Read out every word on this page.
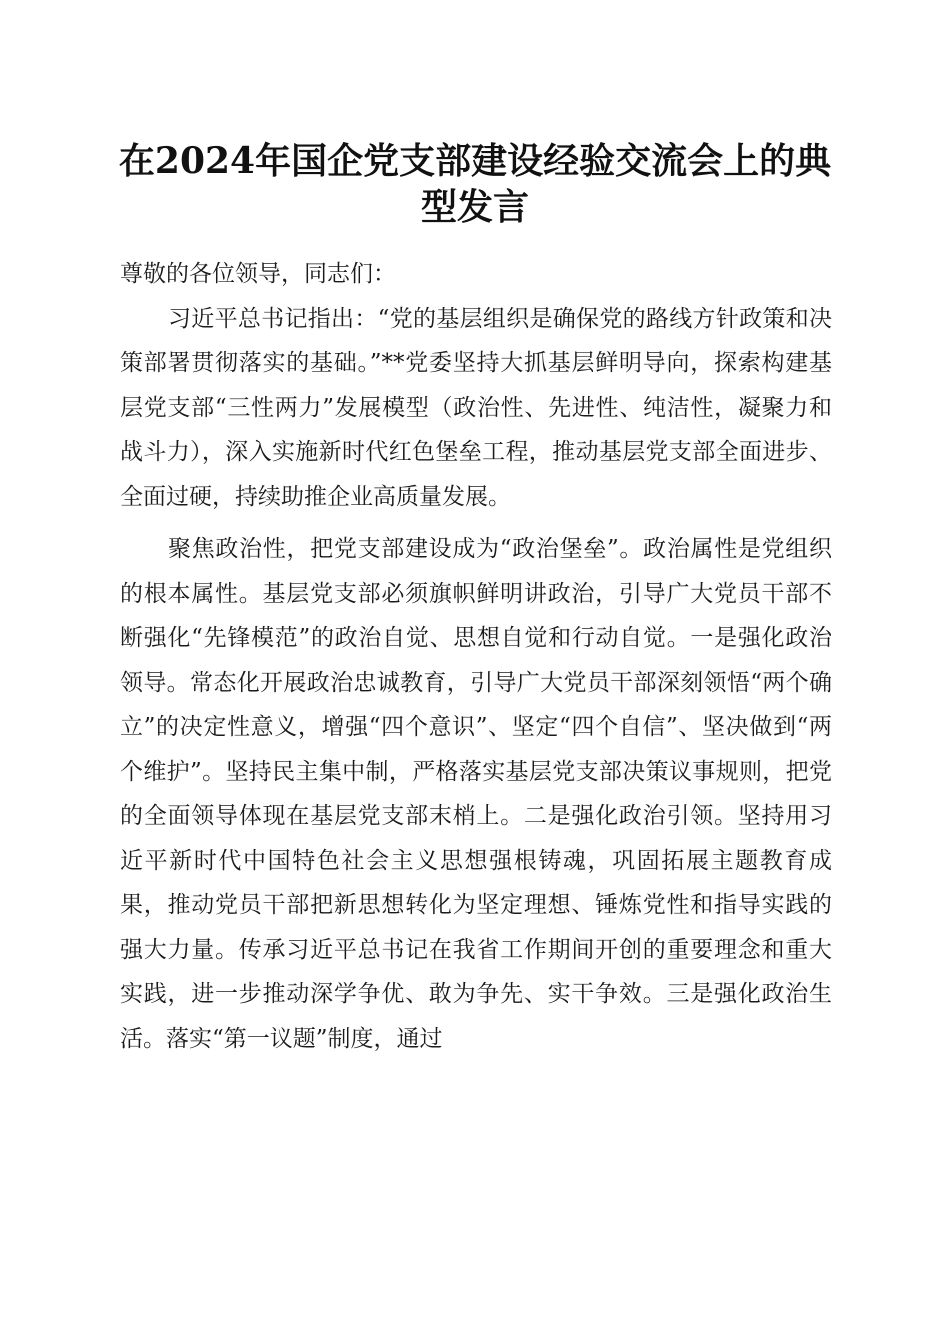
在2024年国企党支部建设经验交流会上的典型发言

尊敬的各位领导，同志们：

习近平总书记指出：“党的基层组织是确保党的路线方针政策和决策部署贯彻落实的基础。”**党委坚持大抓基层鲜明导向，探索构建基层党支部“三性两力”发展模型（政治性、先进性、纯洁性，凝聚力和战斗力），深入实施新时代红色堡垒工程，推动基层党支部全面进步、全面过硬，持续助推企业高质量发展。

聚焦政治性，把党支部建设成为“政治堡垒”。政治属性是党组织的根本属性。基层党支部必须旗帜鲜明讲政治，引导广大党员干部不断强化“先锋模范”的政治自觉、思想自觉和行动自觉。一是强化政治领导。常态化开展政治忠诚教育，引导广大党员干部深刻领悟“两个确立”的决定性意义，增强“四个意识”、坚定“四个自信”、坚决做到“两个维护”。坚持民主集中制，严格落实基层党支部决策议事规则，把党的全面领导体现在基层党支部末梢上。二是强化政治引领。坚持用习近平新时代中国特色社会主义思想强根铸魂，巩固拓展主题教育成果，推动党员干部把新思想转化为坚定理想、锤炼党性和指导实践的强大力量。传承习近平总书记在我省工作期间开创的重要理念和重大实践，进一步推动深学争优、敢为争先、实干争效。三是强化政治生活。落实“第一议题”制度，通过
